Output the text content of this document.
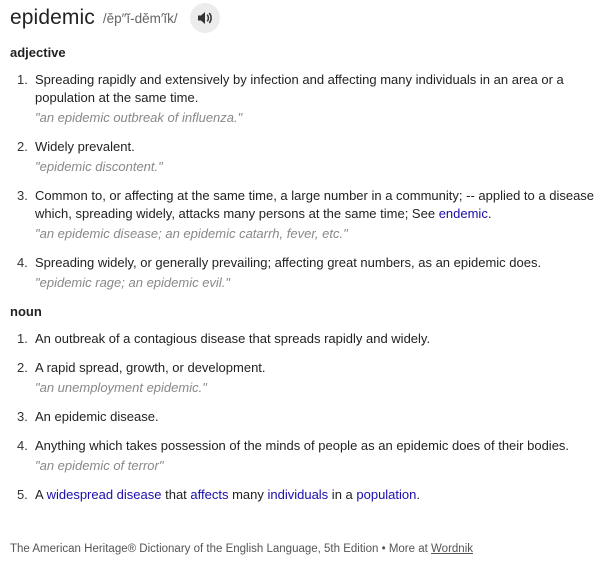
epidemic /ĕp″ĭ-dĕm′ĭk/
adjective
1. Spreading rapidly and extensively by infection and affecting many individuals in an area or a population at the same time.
"an epidemic outbreak of influenza."
2. Widely prevalent.
"epidemic discontent."
3. Common to, or affecting at the same time, a large number in a community; -- applied to a disease which, spreading widely, attacks many persons at the same time; See endemic.
"an epidemic disease; an epidemic catarrh, fever, etc."
4. Spreading widely, or generally prevailing; affecting great numbers, as an epidemic does.
"epidemic rage; an epidemic evil."
noun
1. An outbreak of a contagious disease that spreads rapidly and widely.
2. A rapid spread, growth, or development.
"an unemployment epidemic."
3. An epidemic disease.
4. Anything which takes possession of the minds of people as an epidemic does of their bodies.
"an epidemic of terror"
5. A widespread disease that affects many individuals in a population.
The American Heritage® Dictionary of the English Language, 5th Edition • More at Wordnik
